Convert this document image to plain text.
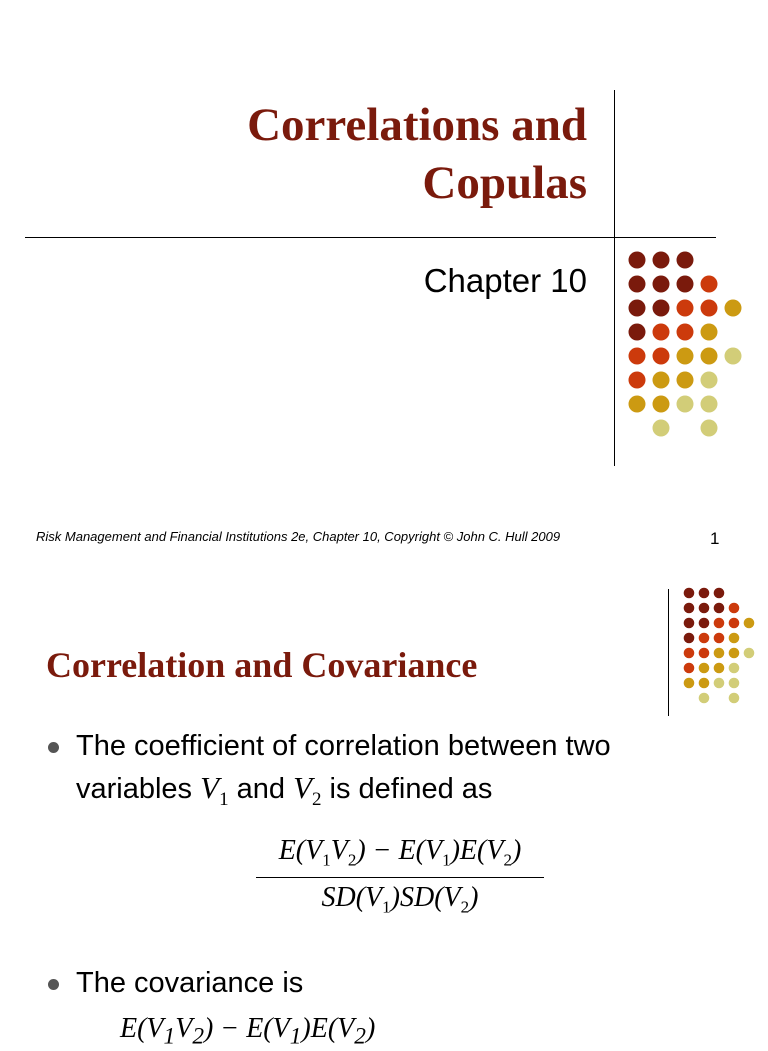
Correlations and
Copulas
Chapter 10
Risk Management and Financial Institutions 2e, Chapter 10, Copyright © John C. Hull 2009	1
Correlation and Covariance
The coefficient of correlation between two
variables $V_1$ and $V_2$ is defined as
$E(V_1V_2) - E(V_1)E(V_2)$
$SD(V_1)SD(V_2)$
The covariance is
$E(V_1V_2) - E(V_1)E(V_2)$
